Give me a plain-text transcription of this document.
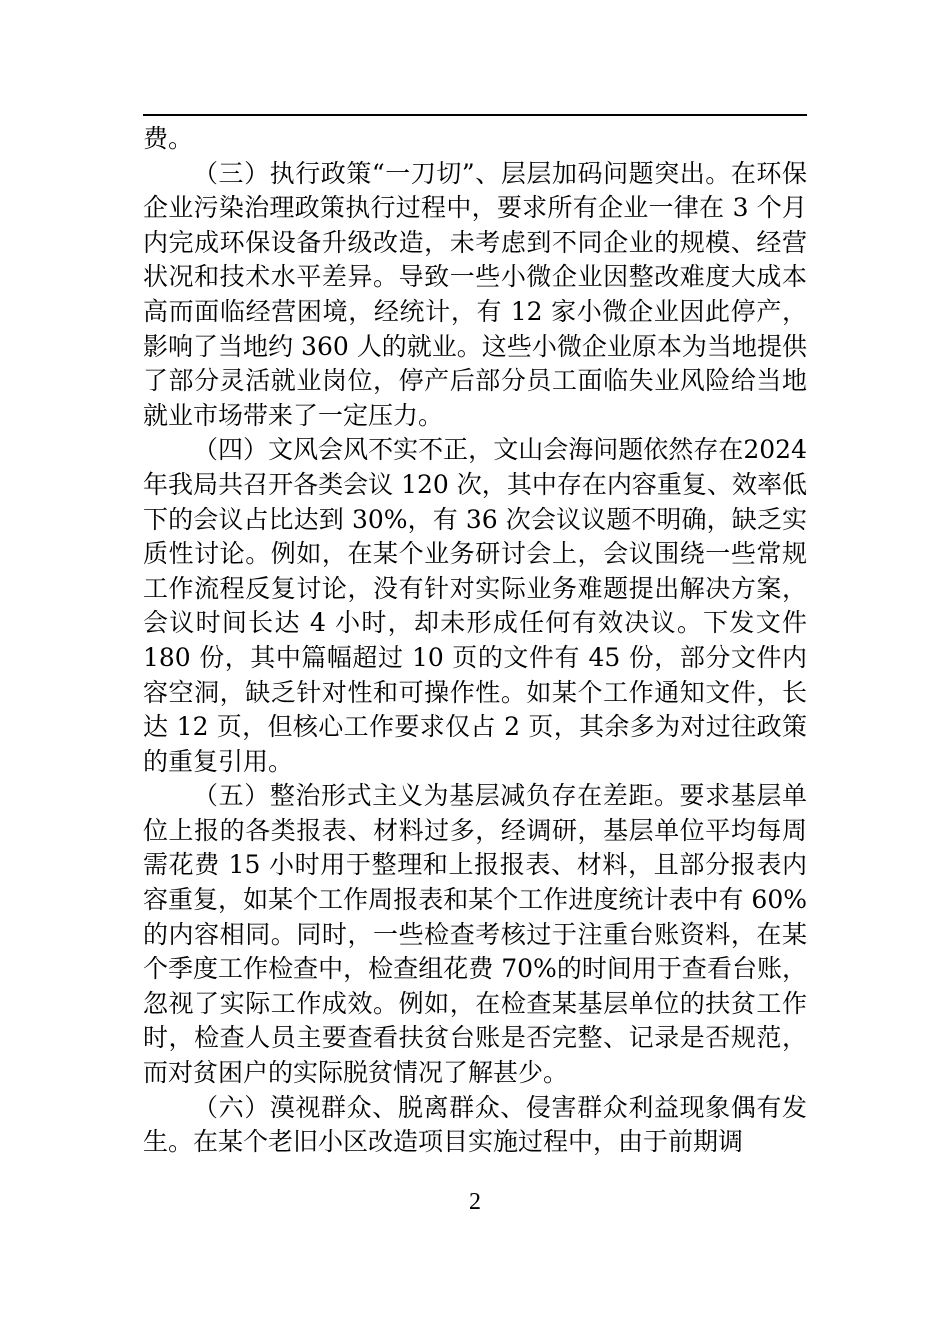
费。

（三）执行政策“一刀切”、层层加码问题突出。在环保企业污染治理政策执行过程中，要求所有企业一律在 3 个月内完成环保设备升级改造，未考虑到不同企业的规模、经营状况和技术水平差异。导致一些小微企业因整改难度大成本高而面临经营困境，经统计，有 12 家小微企业因此停产，影响了当地约 360 人的就业。这些小微企业原本为当地提供了部分灵活就业岗位，停产后部分员工面临失业风险给当地就业市场带来了一定压力。

（四）文风会风不实不正，文山会海问题依然存在2024 年我局共召开各类会议 120 次，其中存在内容重复、效率低下的会议占比达到 30%，有 36 次会议议题不明确，缺乏实质性讨论。例如，在某个业务研讨会上，会议围绕一些常规工作流程反复讨论，没有针对实际业务难题提出解决方案，会议时间长达 4 小时，却未形成任何有效决议。下发文件 180 份，其中篇幅超过 10 页的文件有 45 份，部分文件内容空洞，缺乏针对性和可操作性。如某个工作通知文件，长达 12 页，但核心工作要求仅占 2 页，其余多为对过往政策的重复引用。

（五）整治形式主义为基层减负存在差距。要求基层单位上报的各类报表、材料过多，经调研，基层单位平均每周需花费 15 小时用于整理和上报报表、材料，且部分报表内容重复，如某个工作周报表和某个工作进度统计表中有 60%的内容相同。同时，一些检查考核过于注重台账资料，在某个季度工作检查中，检查组花费 70%的时间用于查看台账，忽视了实际工作成效。例如，在检查某基层单位的扶贫工作时，检查人员主要查看扶贫台账是否完整、记录是否规范，而对贫困户的实际脱贫情况了解甚少。

（六）漠视群众、脱离群众、侵害群众利益现象偶有发生。在某个老旧小区改造项目实施过程中，由于前期调

2
